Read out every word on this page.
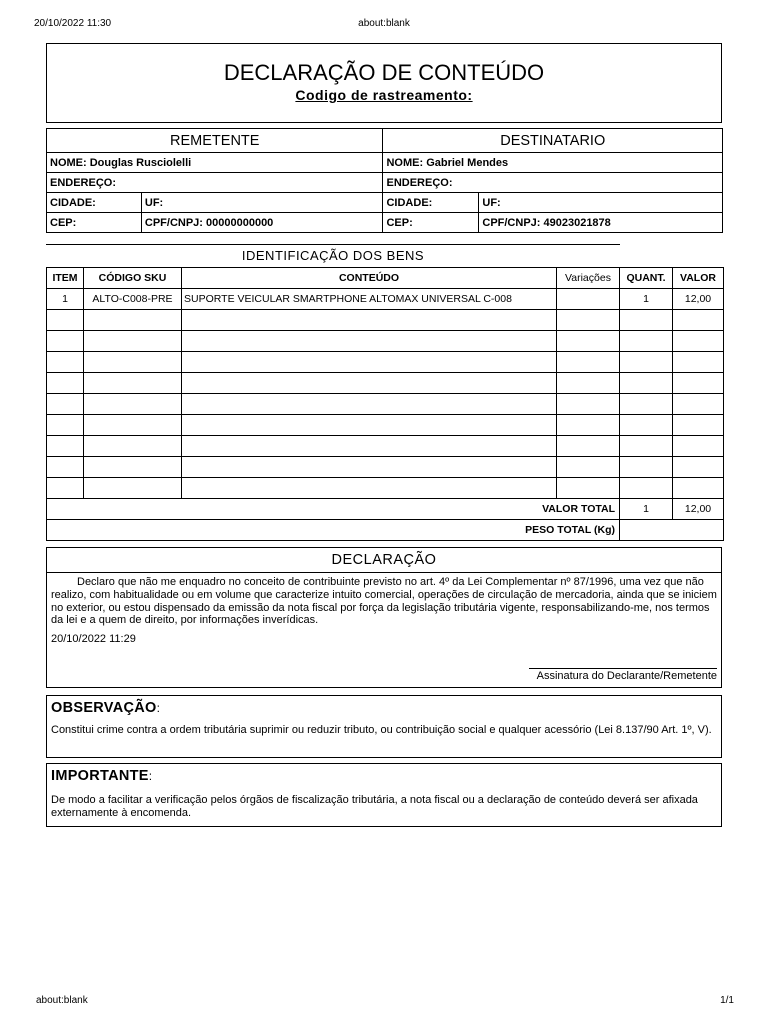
20/10/2022 11:30	about:blank
DECLARAÇÃO DE CONTEÚDO
Codigo de rastreamento:
REMETENTE		DESTINATARIO	
NOME: Douglas Rusciolelli		NOME: Gabriel Mendes	
ENDEREÇO:		ENDEREÇO:	
CIDADE:	UF:	CIDADE:	UF:
CEP:	CPF/CNPJ: 00000000000	CEP:	CPF/CNPJ: 49023021878
IDENTIFICAÇÃO DOS BENS
ITEM	CÓDIGO SKU	CONTEÚDO	Variações	QUANT.	VALOR
1	ALTO-C008-PRE	SUPORTE VEICULAR SMARTPHONE ALTOMAX UNIVERSAL C-008		1	12,00

VALOR TOTAL				1	12,00
PESO TOTAL (Kg)					
DECLARAÇÃO
Declaro que não me enquadro no conceito de contribuinte previsto no art. 4º da Lei Complementar nº 87/1996, uma vez que não realizo, com habitualidade ou em volume que caracterize intuito comercial, operações de circulação de mercadoria, ainda que se iniciem no exterior, ou estou dispensado da emissão da nota fiscal por força da legislação tributária vigente, responsabilizando-me, nos termos da lei e a quem de direito, por informações inverídicas.
20/10/2022 11:29
Assinatura do Declarante/Remetente
OBSERVAÇÃO:
Constitui crime contra a ordem tributária suprimir ou reduzir tributo, ou contribuição social e qualquer acessório (Lei 8.137/90 Art. 1º, V).
IMPORTANTE:
De modo a facilitar a verificação pelos órgãos de fiscalização tributária, a nota fiscal ou a declaração de conteúdo deverá ser afixada externamente à encomenda.
about:blank	1/1
